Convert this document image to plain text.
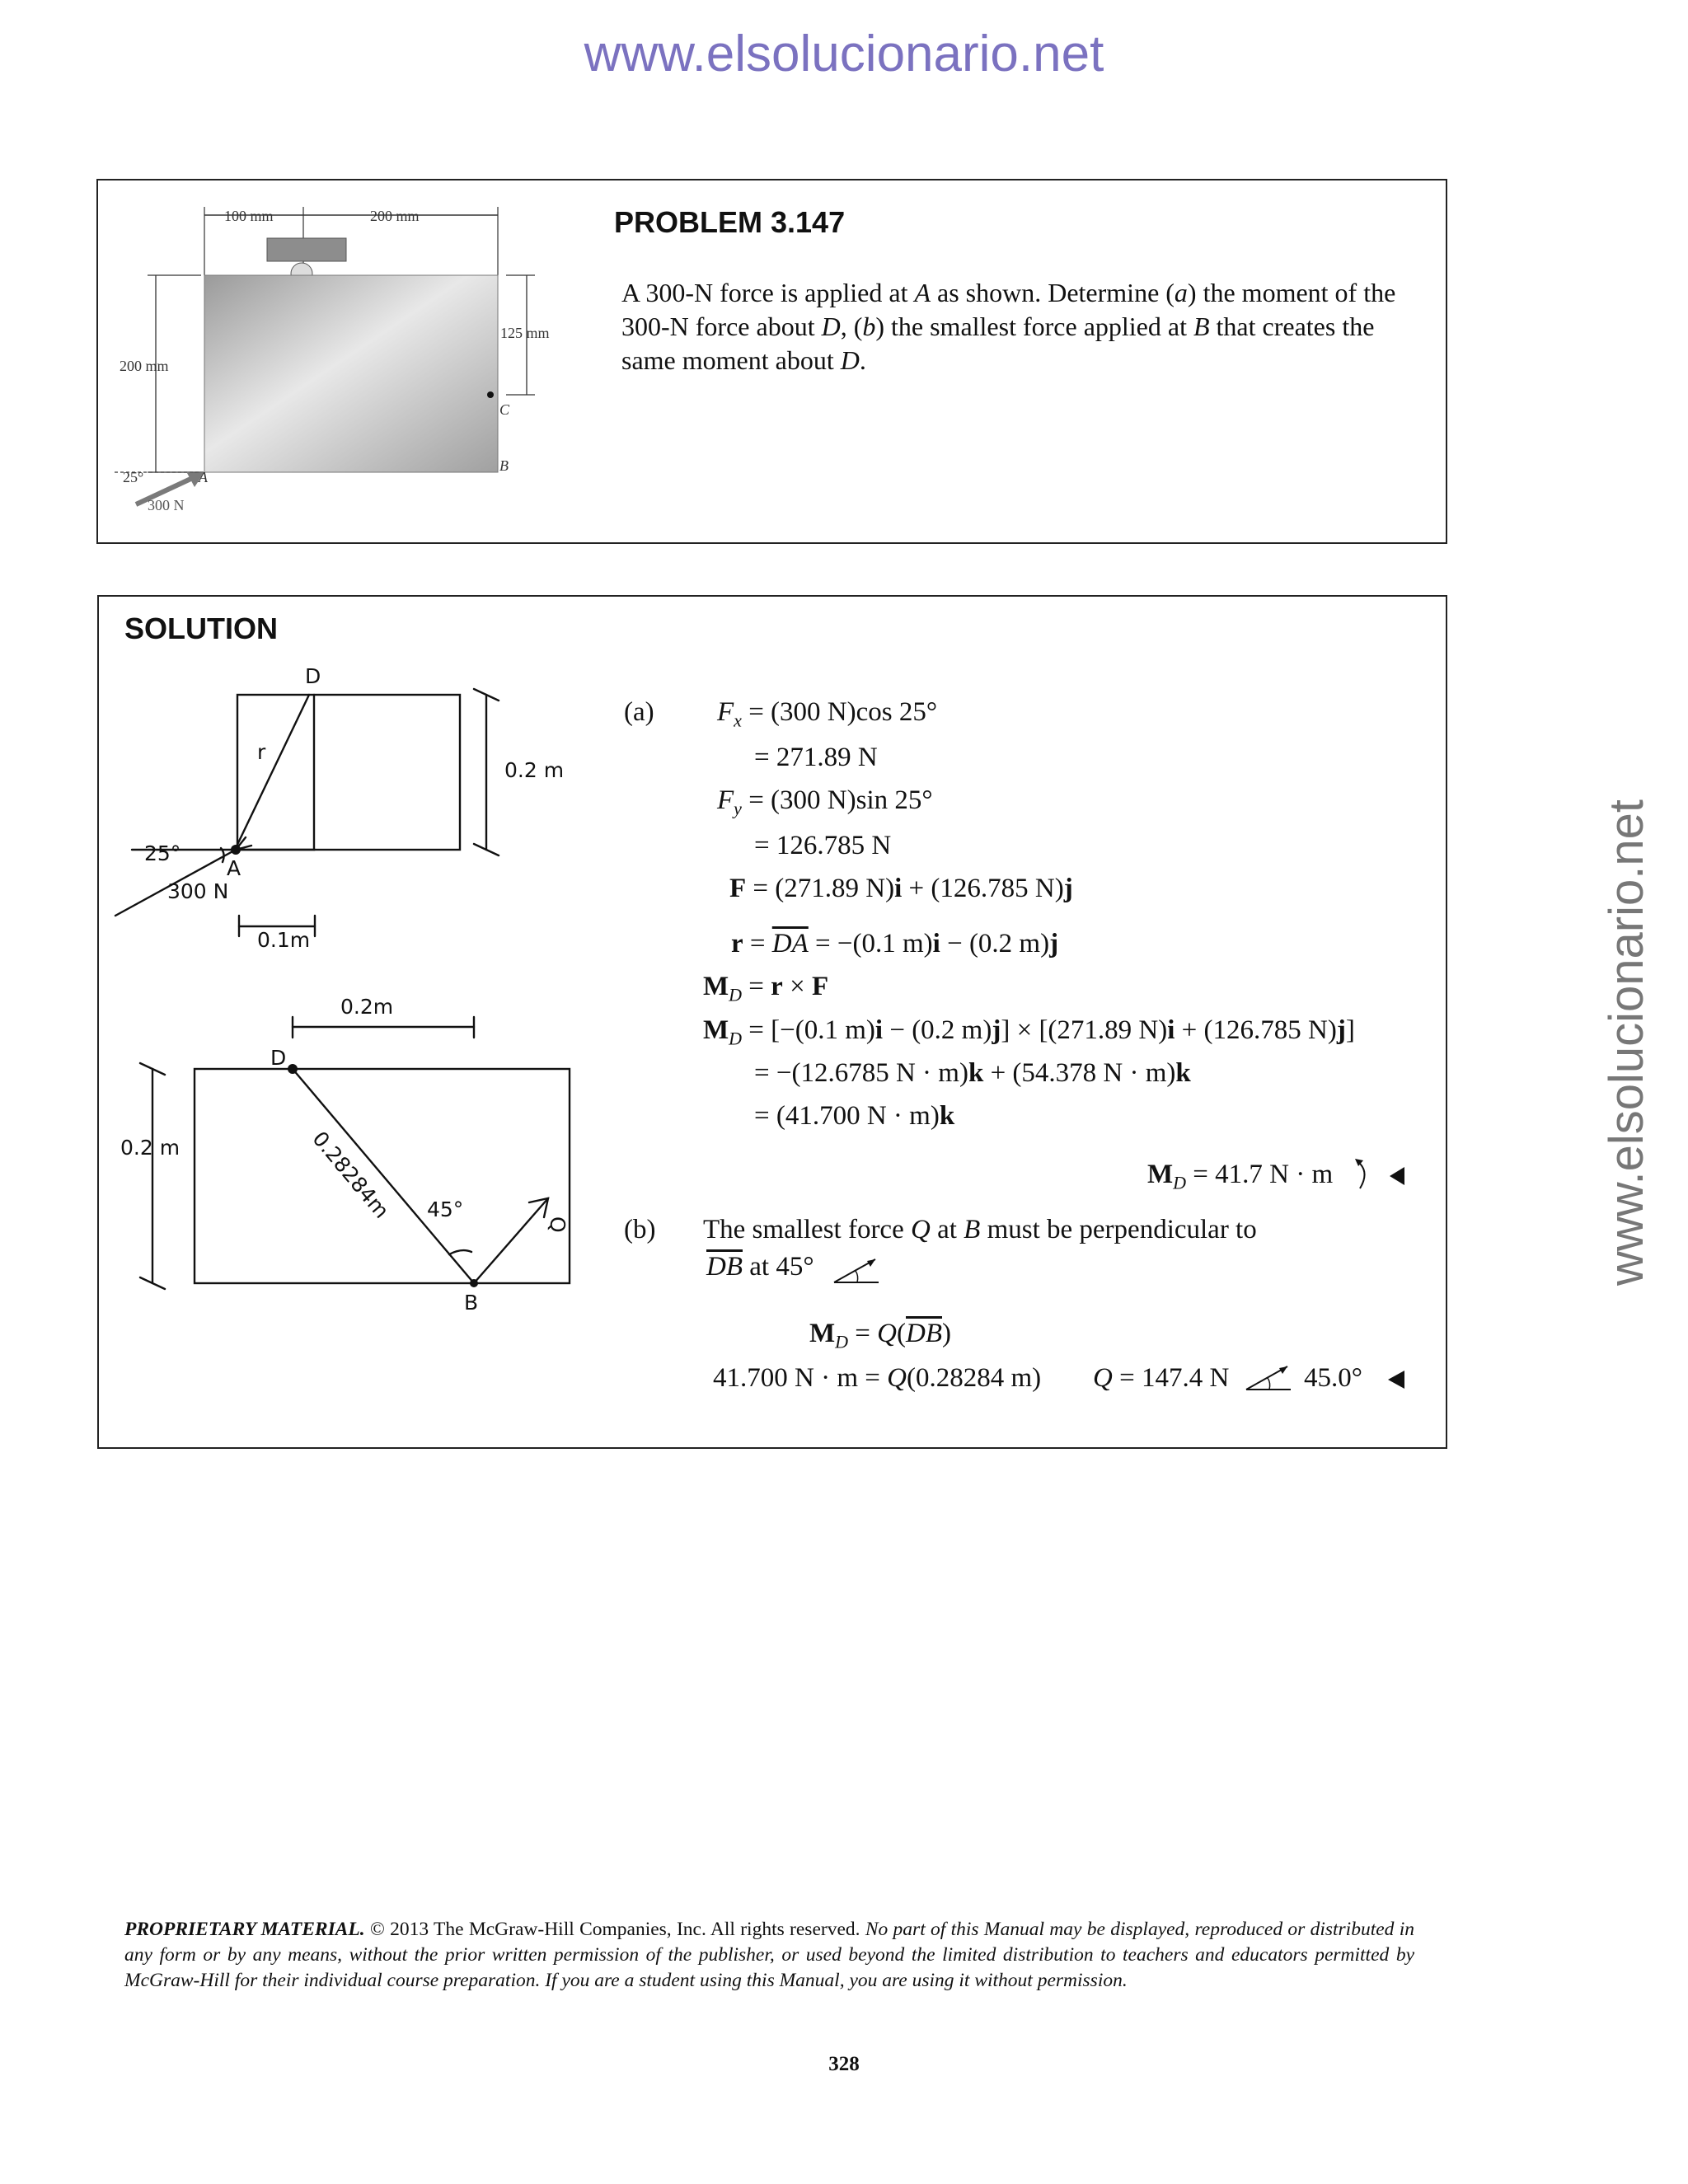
www.elsolucionario.net
www.elsolucionario.net
100 mm	200 mm
125 mm
C
B
200 mm
25°	A
300 N
PROBLEM 3.147
A 300-N force is applied at A as shown. Determine (a) the moment of the 300-N force about D, (b) the smallest force applied at B that creates the same moment about D.
SOLUTION
D
r
0.2 m
25°
A
300 N
0.1m
0.2m
D
0.2 m	0.28284m 45°
Q
B
(a) $F_x = (300$ N)cos 25°
= 271.89 N
$F_y = (300$ N)sin 25°
= 126.785 N
F = (271.89 N)i + (126.785 N)j
$r = \overline{DA} = -(0.1$ m)i − (0.2 m)j
$M_D = r \times F$
$M_D = [-(0.1$ m)i − (0.2 m)j] × [(271.89 N)i + (126.785 N)j]
= −(12.6785 N · m)k + (54.378 N · m)k
= (41.700 N · m)k
$M_D = 41.7$ N · m
(b) The smallest force Q at B must be perpendicular to
$\overline{DB}$ at 45°
$M_D = Q(\overline{DB})$
41.700 N · m = Q(0.28284 m) Q = 147.4 N	45.0°
PROPRIETARY MATERIAL. © 2013 The McGraw-Hill Companies, Inc. All rights reserved. No part of this Manual may be displayed, reproduced or distributed in any form or by any means, without the prior written permission of the publisher, or used beyond the limited distribution to teachers and educators permitted by McGraw-Hill for their individual course preparation. If you are a student using this Manual, you are using it without permission.
328
